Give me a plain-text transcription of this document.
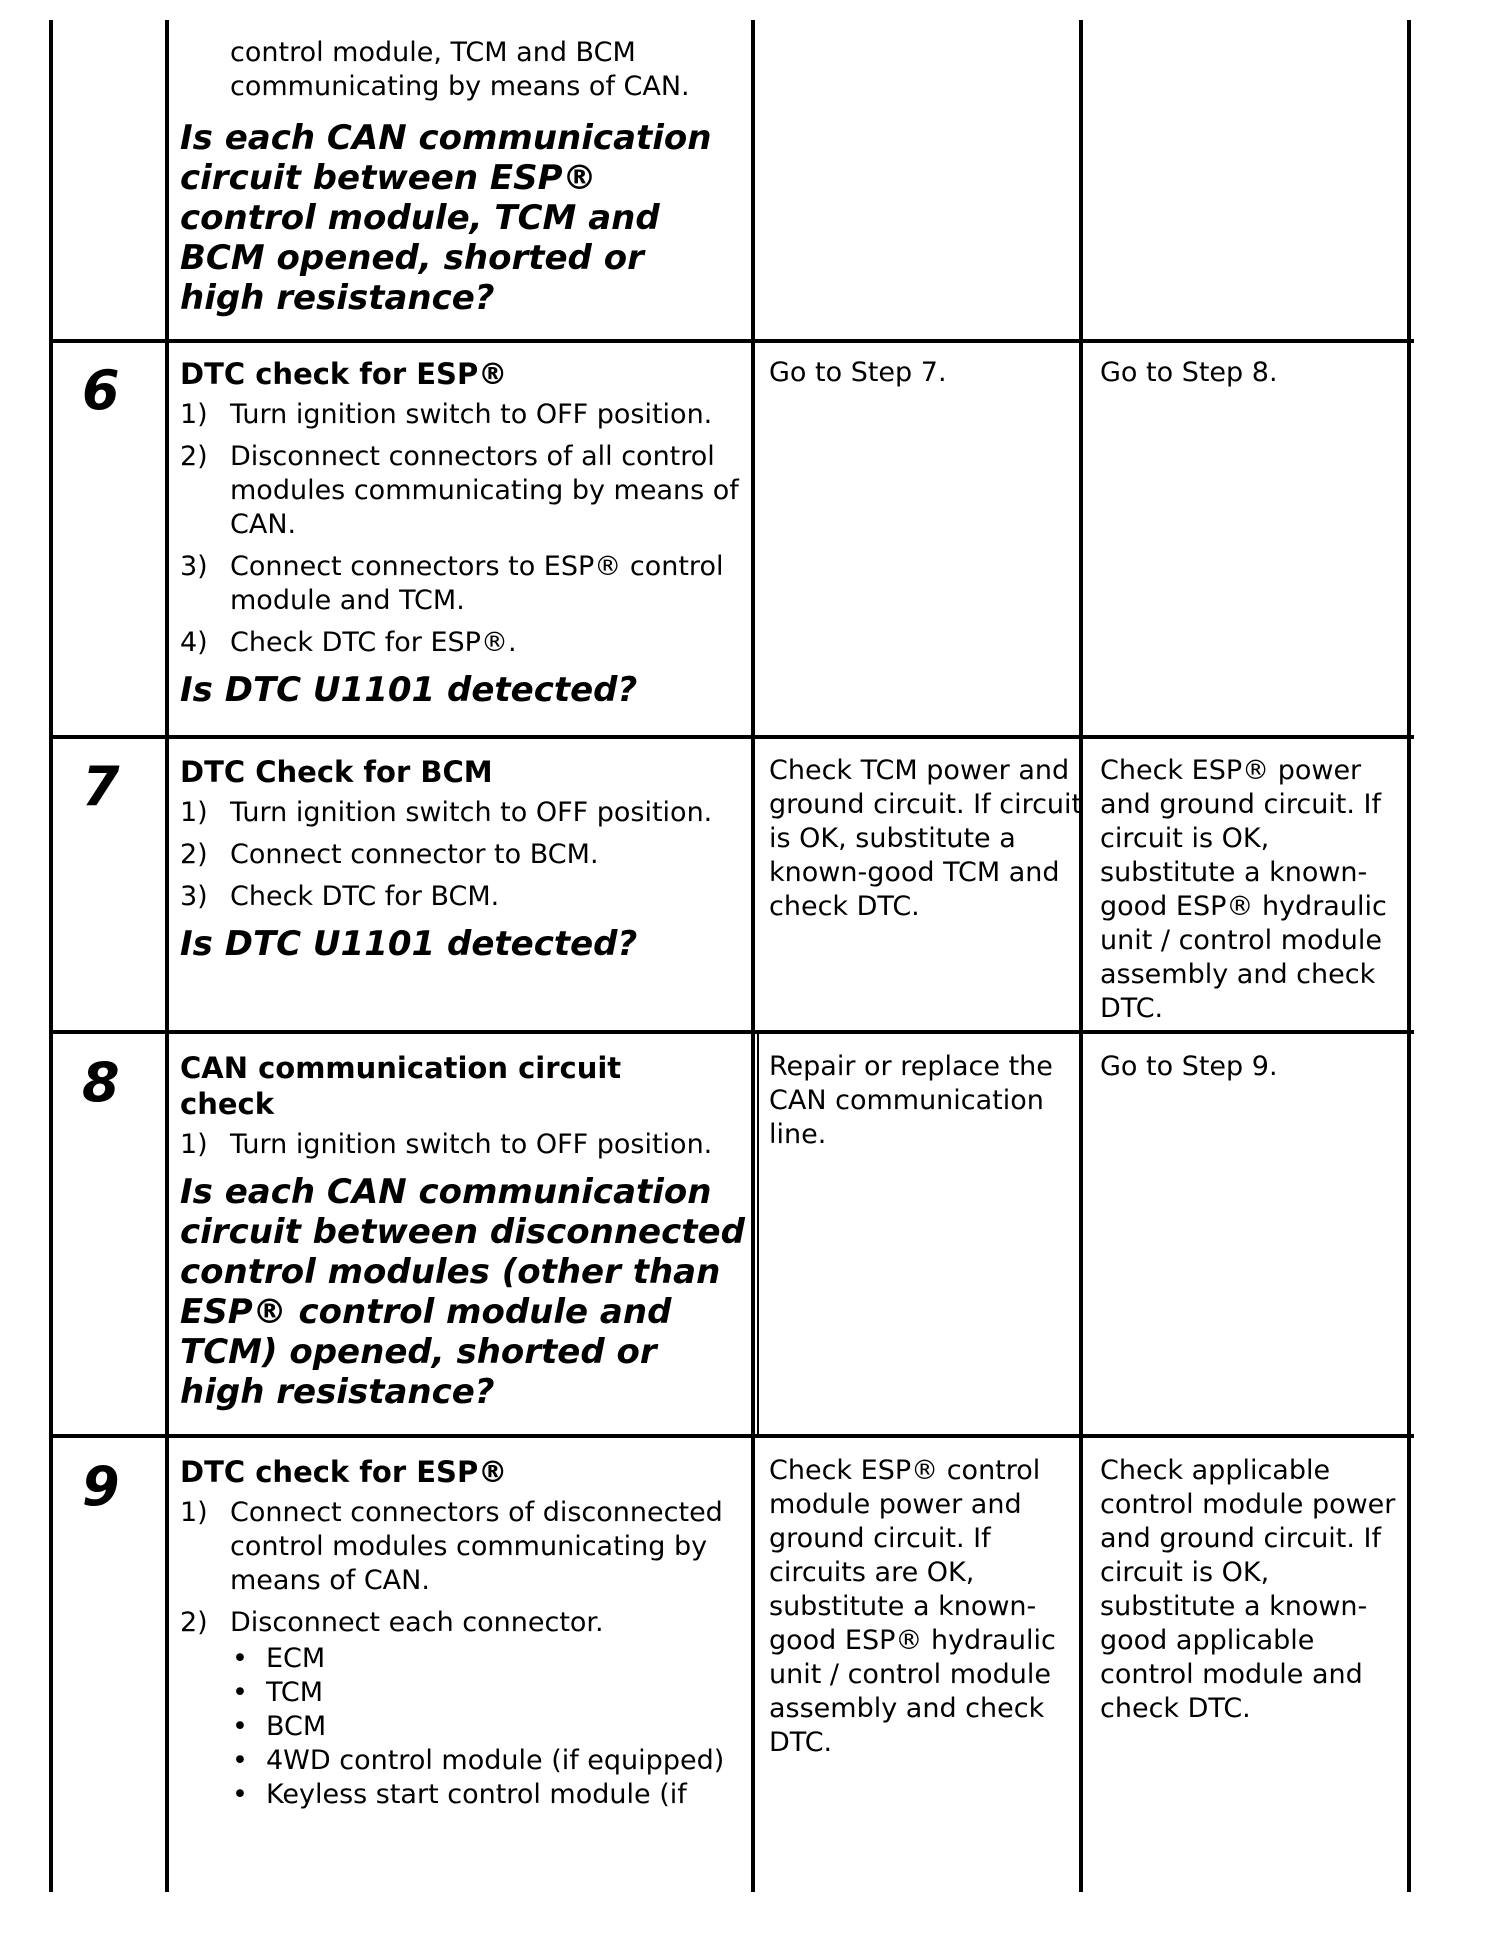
control module, TCM and BCM communicating by means of CAN.

Is each CAN communication circuit between ESP® control module, TCM and BCM opened, shorted or high resistance?

6 DTC check for ESP®

1) Turn ignition switch to OFF position.
2) Disconnect connectors of all control modules communicating by means of CAN.
3) Connect connectors to ESP® control module and TCM.
4) Check DTC for ESP®.

Is DTC U1101 detected?

Go to Step 7.	Go to Step 8.
7 DTC Check for BCM

1) Turn ignition switch to OFF position.
2) Connect connector to BCM.
3) Check DTC for BCM.

Is DTC U1101 detected?

Check TCM power and ground circuit. If circuit is OK, substitute a known-good TCM and check DTC.
Check ESP® power and ground circuit. If circuit is OK, substitute a known-good ESP® hydraulic unit / control module assembly and check DTC.
8 CAN communication circuit check

1) Turn ignition switch to OFF position.

Is each CAN communication circuit between disconnected control modules (other than ESP® control module and TCM) opened, shorted or high resistance?

Repair or replace the CAN communication line.
Go to Step 9.
9 DTC check for ESP®

1) Connect connectors of disconnected control modules communicating by means of CAN.
2) Disconnect each connector.
• ECM
• TCM
• BCM
• 4WD control module (if equipped)
• Keyless start control module (if
Check ESP® control module power and ground circuit. If circuits are OK, substitute a known-good ESP® hydraulic unit / control module assembly and check DTC.
Check applicable control module power and ground circuit. If circuit is OK, substitute a known-good applicable control module and check DTC.
